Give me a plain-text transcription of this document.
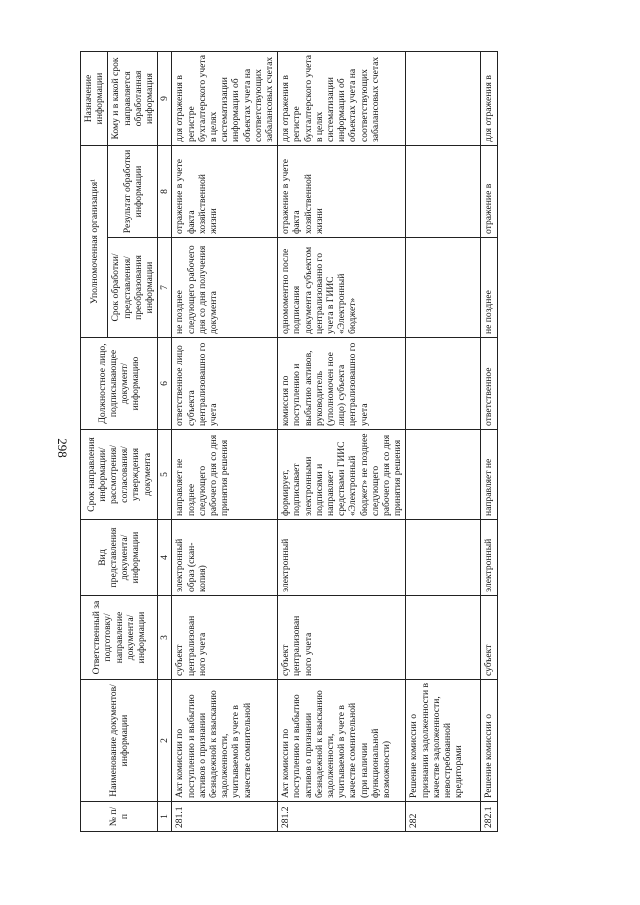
298
№ п/п	Наименование документов/ информации	Ответственный за подготовку/ направление документа/ информации	Вид представления документа/ информации	Срок направления информации/ рассмотрения/ согласования/ утверждения документа	Должностное лицо, подписывающее документ/ информацию	Уполномоченная организация¹		Назначение информации
						Срок обработки/ представления/ преобразования информации	Результат обработки информации	Кому и в какой срок направляется обработанная информация
1	2	3	4	5	6	7	8	9
281.1	Акт комиссии по поступлению и выбытию активов о признании безнадежной к взысканию задолженности, учитываемой в учете в качестве сомнительной	субъект централизован ного учета	электронный образ (скан-копия)	направляет не позднее следующего рабочего дня со дня принятия решения	ответственное лицо субъекта централизовашно го учета	не позднее следующего рабочего дня со дня получения документа	отражение в учете факта хозяйственной жизни	для отражения в регистре бухгалтерского учета в целях систематизации информации об объектах учета на соответствующих забалансовых счетах
281.2	Акт комиссии по поступлению и выбытию активов о признании безнадежной к взысканию задолженности, учитываемой в учете в качестве сомнительной (при наличии функциональной возможности)	субъект централизован ного учета	электронный	формирует, подписывает электронными подписями и направляет средствами ГИИС «Электронный бюджет» не позднее следующего рабочего дня со дня принятия решения	комиссия по поступлению и выбытию активов, руководитель (уполномочен ное лицо) субъекта централизовашно го учета	одномоментно после подписания документа субъектом централизованно го учета в ГИИС «Электронный бюджет»	отражение в учете факта хозяйственной жизни	для отражения в регистре бухгалтерского учета в целях систематизации информации об объектах учета на соответствующих забалансовых счетах
282	Решение комиссии о признании задолженности в качестве задолженности, невостребованной кредиторами							
282.1	Решение комиссии о	субъект	электронный	направляет не	ответственное	не позднее	отражение в	для отражения в
